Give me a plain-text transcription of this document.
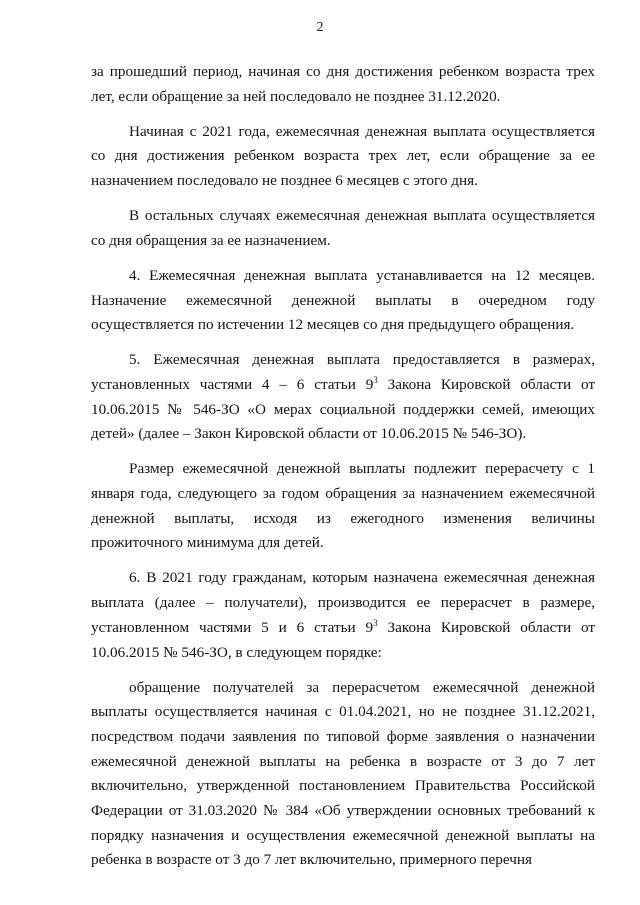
2

за прошедший период, начиная со дня достижения ребенком возраста трех лет, если обращение за ней последовало не позднее 31.12.2020.

Начиная с 2021 года, ежемесячная денежная выплата осуществляется со дня достижения ребенком возраста трех лет, если обращение за ее назначением последовало не позднее 6 месяцев с этого дня.

В остальных случаях ежемесячная денежная выплата осуществляется со дня обращения за ее назначением.

4. Ежемесячная денежная выплата устанавливается на 12 месяцев. Назначение ежемесячной денежной выплаты в очередном году осуществляется по истечении 12 месяцев со дня предыдущего обращения.

5. Ежемесячная денежная выплата предоставляется в размерах, установленных частями 4 – 6 статьи $9^3$ Закона Кировской области от 10.06.2015 № 546-ЗО «О мерах социальной поддержки семей, имеющих детей» (далее – Закон Кировской области от 10.06.2015 № 546-ЗО).

Размер ежемесячной денежной выплаты подлежит перерасчету с 1 января года, следующего за годом обращения за назначением ежемесячной денежной выплаты, исходя из ежегодного изменения величины прожиточного минимума для детей.

6. В 2021 году гражданам, которым назначена ежемесячная денежная выплата (далее – получатели), производится ее перерасчет в размере, установленном частями 5 и 6 статьи $9^3$ Закона Кировской области от 10.06.2015 № 546-ЗО, в следующем порядке:

обращение получателей за перерасчетом ежемесячной денежной выплаты осуществляется начиная с 01.04.2021, но не позднее 31.12.2021, посредством подачи заявления по типовой форме заявления о назначении ежемесячной денежной выплаты на ребенка в возрасте от 3 до 7 лет включительно, утвержденной постановлением Правительства Российской Федерации от 31.03.2020 № 384 «Об утверждении основных требований к порядку назначения и осуществления ежемесячной денежной выплаты на ребенка в возрасте от 3 до 7 лет включительно, примерного перечня
